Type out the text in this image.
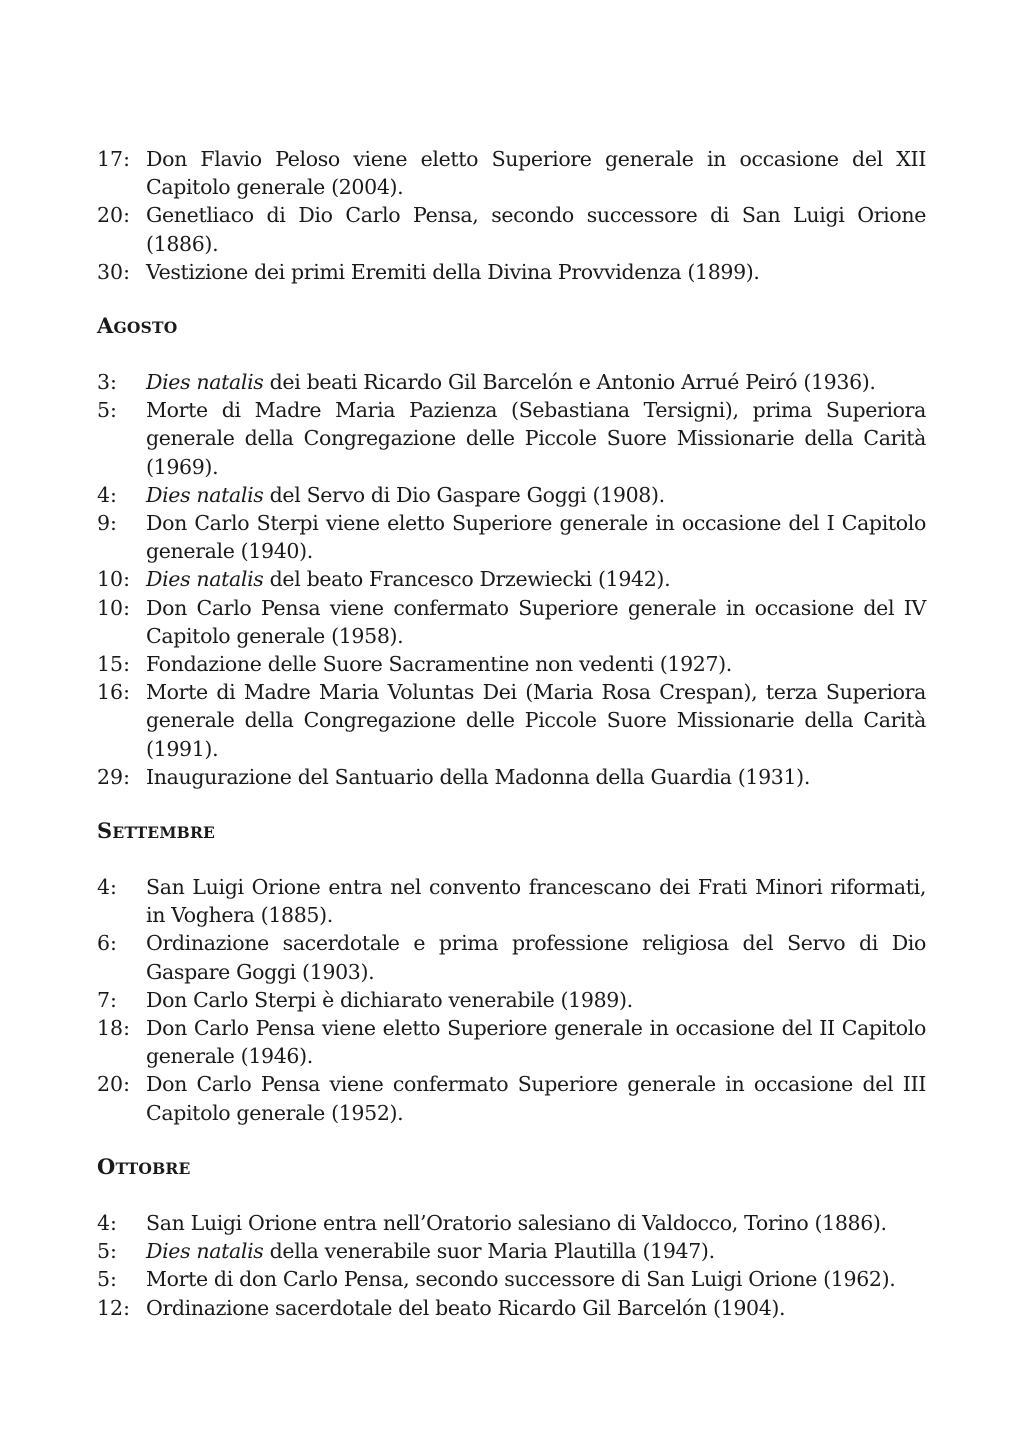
17: Don Flavio Peloso viene eletto Superiore generale in occasione del XII Capitolo generale (2004).
20: Genetliaco di Dio Carlo Pensa, secondo successore di San Luigi Orione (1886).
30: Vestizione dei primi Eremiti della Divina Provvidenza (1899).
AGOSTO
3:	Dies natalis dei beati Ricardo Gil Barcelón e Antonio Arrué Peiró (1936).
5:	Morte di Madre Maria Pazienza (Sebastiana Tersigni), prima Superiora generale della Congregazione delle Piccole Suore Missionarie della Carità (1969).
4:	Dies natalis del Servo di Dio Gaspare Goggi (1908).
9:	Don Carlo Sterpi viene eletto Superiore generale in occasione del I Capitolo generale (1940).
10: Dies natalis del beato Francesco Drzewiecki (1942).
10: Don Carlo Pensa viene confermato Superiore generale in occasione del IV Capitolo generale (1958).
15: Fondazione delle Suore Sacramentine non vedenti (1927).
16: Morte di Madre Maria Voluntas Dei (Maria Rosa Crespan), terza Superiora generale della Congregazione delle Piccole Suore Missionarie della Carità (1991).
29: Inaugurazione del Santuario della Madonna della Guardia (1931).
SETTEMBRE
4:	San Luigi Orione entra nel convento francescano dei Frati Minori riformati, in Voghera (1885).
6:	Ordinazione sacerdotale e prima professione religiosa del Servo di Dio Gaspare Goggi (1903).
7:	Don Carlo Sterpi è dichiarato venerabile (1989).
18: Don Carlo Pensa viene eletto Superiore generale in occasione del II Capitolo generale (1946).
20: Don Carlo Pensa viene confermato Superiore generale in occasione del III Capitolo generale (1952).
OTTOBRE
4:	San Luigi Orione entra nell’Oratorio salesiano di Valdocco, Torino (1886).
5:	Dies natalis della venerabile suor Maria Plautilla (1947).
5:	Morte di don Carlo Pensa, secondo successore di San Luigi Orione (1962).
12: Ordinazione sacerdotale del beato Ricardo Gil Barcelón (1904).
